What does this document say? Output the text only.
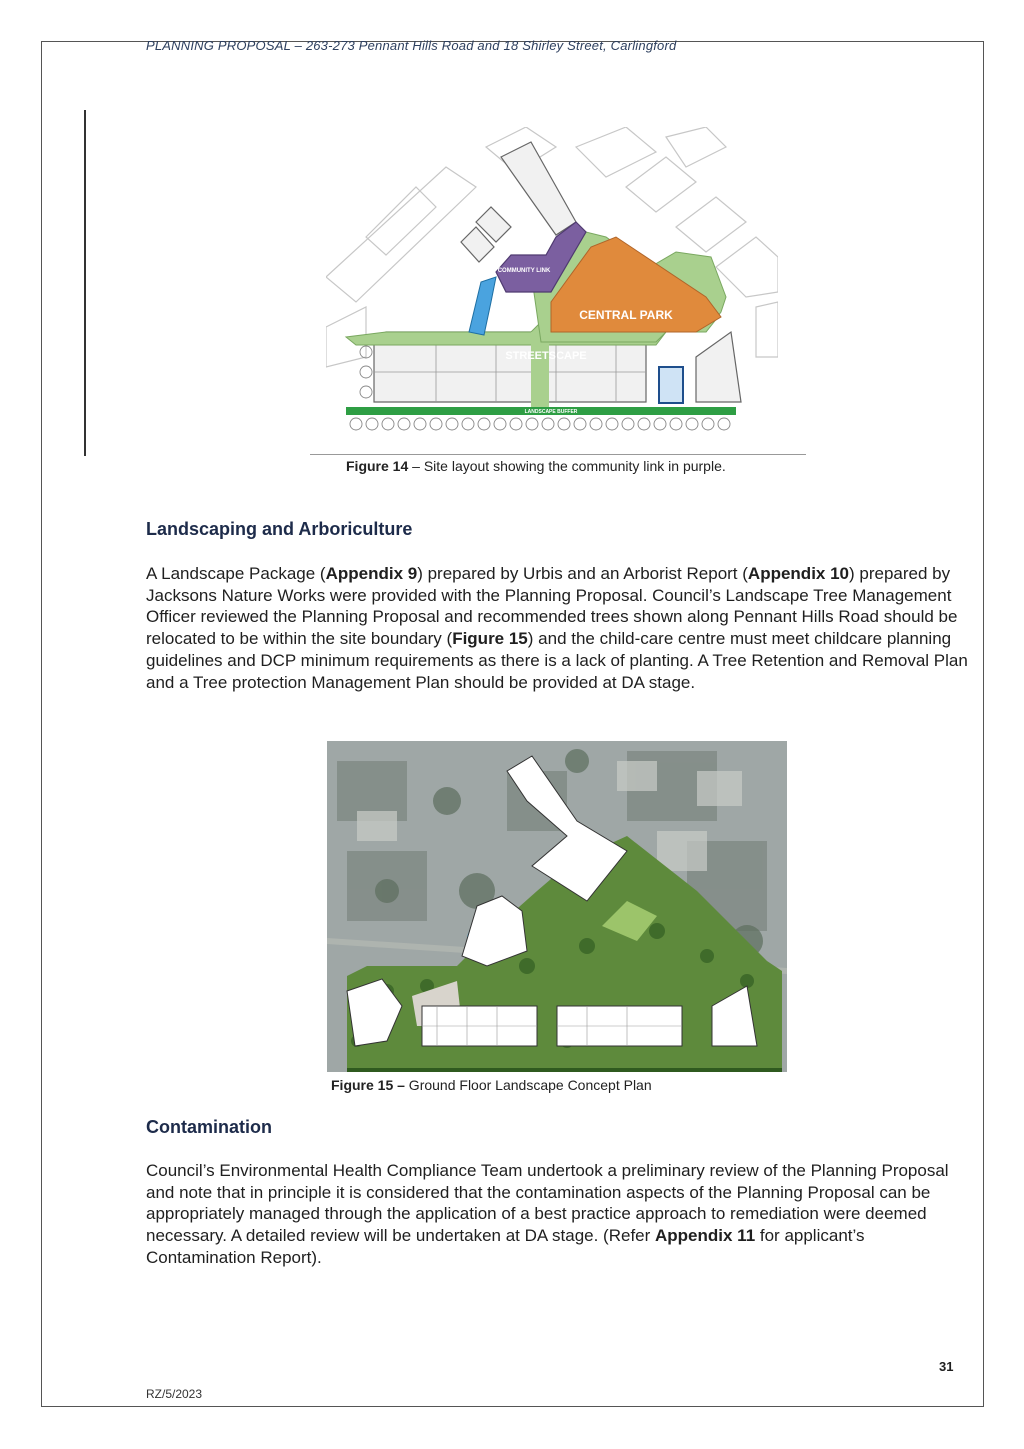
PLANNING PROPOSAL – 263-273 Pennant Hills Road and 18 Shirley Street, Carlingford
COMMUNITY LINK
CENTRAL PARK
STREETSCAPE
LANDSCAPE BUFFER
Figure 14 – Site layout showing the community link in purple.
Landscaping and Arboriculture
A Landscape Package (Appendix 9) prepared by Urbis and an Arborist Report (Appendix 10) prepared by Jacksons Nature Works were provided with the Planning Proposal. Council’s Landscape Tree Management Officer reviewed the Planning Proposal and recommended trees shown along Pennant Hills Road should be relocated to be within the site boundary (Figure 15) and the child-care centre must meet childcare planning guidelines and DCP minimum requirements as there is a lack of planting. A Tree Retention and Removal Plan and a Tree protection Management Plan should be provided at DA stage.
Figure 15 – Ground Floor Landscape Concept Plan
Contamination
Council’s Environmental Health Compliance Team undertook a preliminary review of the Planning Proposal and note that in principle it is considered that the contamination aspects of the Planning Proposal can be appropriately managed through the application of a best practice approach to remediation were deemed necessary. A detailed review will be undertaken at DA stage. (Refer Appendix 11 for applicant’s Contamination Report).
31
RZ/5/2023
